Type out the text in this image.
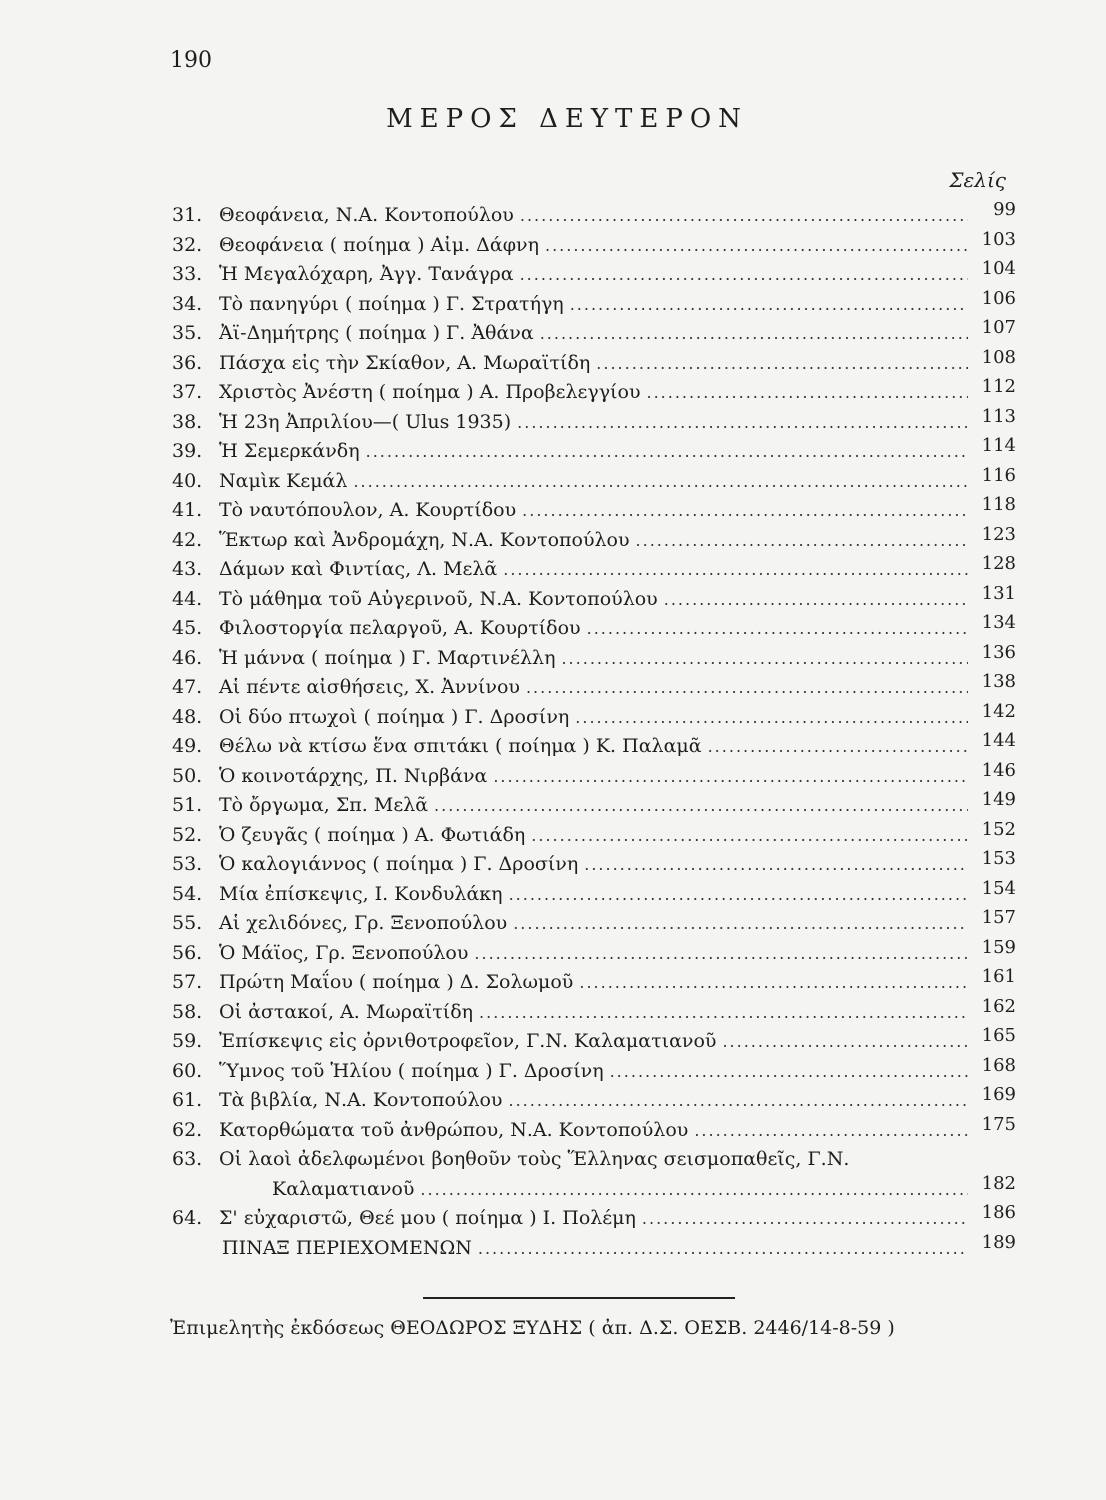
190
ΜΕΡΟΣ ΔΕΥΤΕΡΟΝ
Σελίς
31. Θεοφάνεια, Ν.Α. Κοντοπούλου .....	99
32. Θεοφάνεια ( ποίημα ) Αἰμ. Δάφνη .....	103
33. Ἡ Μεγαλόχαρη, Ἀγγ. Τανάγρα .....	104
34. Τὸ πανηγύρι ( ποίημα ) Γ. Στρατήγη .....	106
35. Ἀϊ-Δημήτρης ( ποίημα ) Γ. Ἀθάνα .....	107
36. Πάσχα εἰς τὴν Σκίαθον, Α. Μωραϊτίδη .....	108
37. Χριστὸς Ἀνέστη ( ποίημα ) Α. Προβελεγγίου .....	112
38. Ἡ 23η Ἀπριλίου—( Ulus 1935) .....	113
39. Ἡ Σεμερκάνδη .....	114
40. Ναμὶκ Κεμάλ .....	116
41. Τὸ ναυτόπουλον, Α. Κουρτίδου .....	118
42. Ἕκτωρ καὶ Ἀνδρομάχη, Ν.Α. Κοντοπούλου .....	123
43. Δάμων καὶ Φιντίας, Λ. Μελᾶ .....	128
44. Τὸ μάθημα τοῦ Αὐγερινοῦ, Ν.Α. Κοντοπούλου .....	131
45. Φιλοστοργία πελαργοῦ, Α. Κουρτίδου .....	134
46. Ἡ μάννα ( ποίημα ) Γ. Μαρτινέλλη .....	136
47. Αἱ πέντε αἰσθήσεις, Χ. Ἀννίνου .....	138
48. Οἱ δύο πτωχοὶ ( ποίημα ) Γ. Δροσίνη .....	142
49. Θέλω νὰ κτίσω ἕνα σπιτάκι ( ποίημα ) Κ. Παλαμᾶ .....	144
50. Ὁ κοινοτάρχης, Π. Νιρβάνα .....	146
51. Τὸ ὄργωμα, Σπ. Μελᾶ .....	149
52. Ὁ ζευγᾶς ( ποίημα ) Α. Φωτιάδη .....	152
53. Ὁ καλογιάννος ( ποίημα ) Γ. Δροσίνη .....	153
54. Μία ἐπίσκεψις, Ι. Κονδυλάκη .....	154
55. Αἱ χελιδόνες, Γρ. Ξενοπούλου .....	157
56. Ὁ Μάϊος, Γρ. Ξενοπούλου .....	159
57. Πρώτη Μαΐου ( ποίημα ) Δ. Σολωμοῦ .....	161
58. Οἱ ἀστακοί, Α. Μωραϊτίδη .....	162
59. Ἐπίσκεψις εἰς ὀρνιθοτροφεῖον, Γ.Ν. Καλαματιανοῦ .....	165
60. Ὕμνος τοῦ Ἡλίου ( ποίημα ) Γ. Δροσίνη .....	168
61. Τὰ βιβλία, Ν.Α. Κοντοπούλου .....	169
62. Κατορθώματα τοῦ ἀνθρώπου, Ν.Α. Κοντοπούλου .....	175
63. Οἱ λαοὶ ἀδελφωμένοι βοηθοῦν τοὺς Ἕλληνας σεισμοπαθεῖς, Γ.Ν.
Καλαματιανοῦ .....	182
64. Σ' εὐχαριστῶ, Θεέ μου ( ποίημα ) Ι. Πολέμη .....	186
ΠΙΝΑΞ ΠΕΡΙΕΧΟΜΕΝΩΝ .....	189
Ἐπιμελητὴς ἐκδόσεως ΘΕΟΔΩΡΟΣ ΞΥΔΗΣ ( ἀπ. Δ.Σ. ΟΕΣΒ. 2446/14-8-59 )
